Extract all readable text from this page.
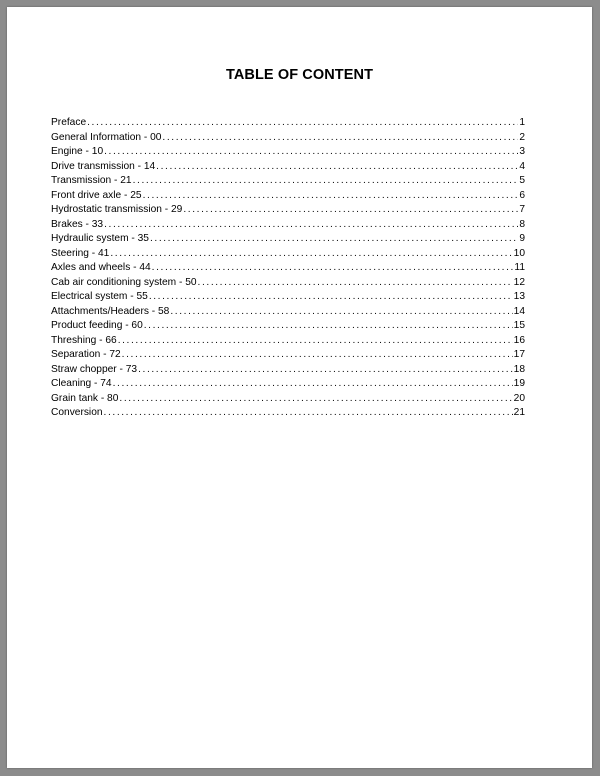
TABLE OF CONTENT
Preface .....	1
General Information - 00 .....	2
Engine - 10 .....	3
Drive transmission - 14 .....	4
Transmission - 21 .....	5
Front drive axle - 25 .....	6
Hydrostatic transmission - 29 .....	7
Brakes - 33 .....	8
Hydraulic system - 35 .....	9
Steering - 41 .....	10
Axles and wheels - 44 .....	11
Cab air conditioning system - 50 .....	12
Electrical system - 55 .....	13
Attachments/Headers - 58 .....	14
Product feeding - 60 .....	15
Threshing - 66 .....	16
Separation - 72 .....	17
Straw chopper - 73 .....	18
Cleaning - 74 .....	19
Grain tank - 80 .....	20
Conversion .....	21
